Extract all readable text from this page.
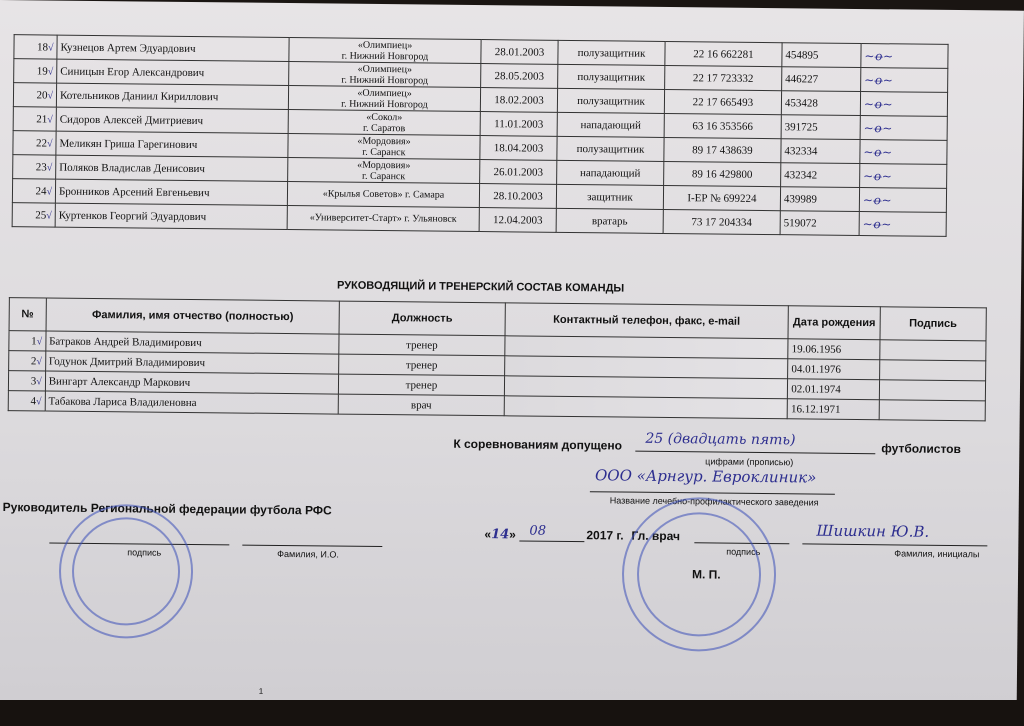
18√	Кузнецов Артем Эдуардович	«Олимпиец»
г. Нижний Новгород	28.01.2003	полузащитник	22 16 662281	454895	~ꝋ~
19√	Синицын Егор Александрович	«Олимпиец»
г. Нижний Новгород	28.05.2003	полузащитник	22 17 723332	446227	~ꝋ~
20√	Котельников Даниил Кириллович	«Олимпиец»
г. Нижний Новгород	18.02.2003	полузащитник	22 17 665493	453428	~ꝋ~
21√	Сидоров Алексей Дмитриевич	«Сокол»
г. Саратов	11.01.2003	нападающий	63 16 353566	391725	~ꝋ~
22√	Меликян Гриша Гарегинович	«Мордовия»
г. Саранск	18.04.2003	полузащитник	89 17 438639	432334	~ꝋ~
23√	Поляков Владислав Денисович	«Мордовия»
г. Саранск	26.01.2003	нападающий	89 16 429800	432342	~ꝋ~
24√	Бронников Арсений Евгеньевич	«Крылья Советов» г. Самара	28.10.2003	защитник	I-ЕР № 699224	439989	~ꝋ~
25√	Куртенков Георгий Эдуардович	«Университет-Старт» г. Ульяновск	12.04.2003	вратарь	73 17 204334	519072	~ꝋ~
РУКОВОДЯЩИЙ И ТРЕНЕРСКИЙ СОСТАВ КОМАНДЫ
№	Фамилия, имя отчество (полностью)	Должность	Контактный телефон, факс, e-mail	Дата рождения	Подпись
1√	Батраков Андрей Владимирович	тренер		19.06.1956	
2√	Годунок Дмитрий Владимирович	тренер		04.01.1976	
3√	Вингарт Александр Маркович	тренер		02.01.1974	
4√	Табакова Лариса Владиленовна	врач		16.12.1971	
К соревнованиям допущено 25 (двадцать пять)
футболистов
цифрами (прописью)
ООО «Арнгур. Евроклиник»
Название лечебно-профилактического заведения
Руководитель Региональной федерации футбола РФС
подпись	Фамилия, И.О.
«14» 08	2017 г. Гл. врач	Шишкин Ю.В.
подпись	Фамилия, инициалы
М. П.
1
